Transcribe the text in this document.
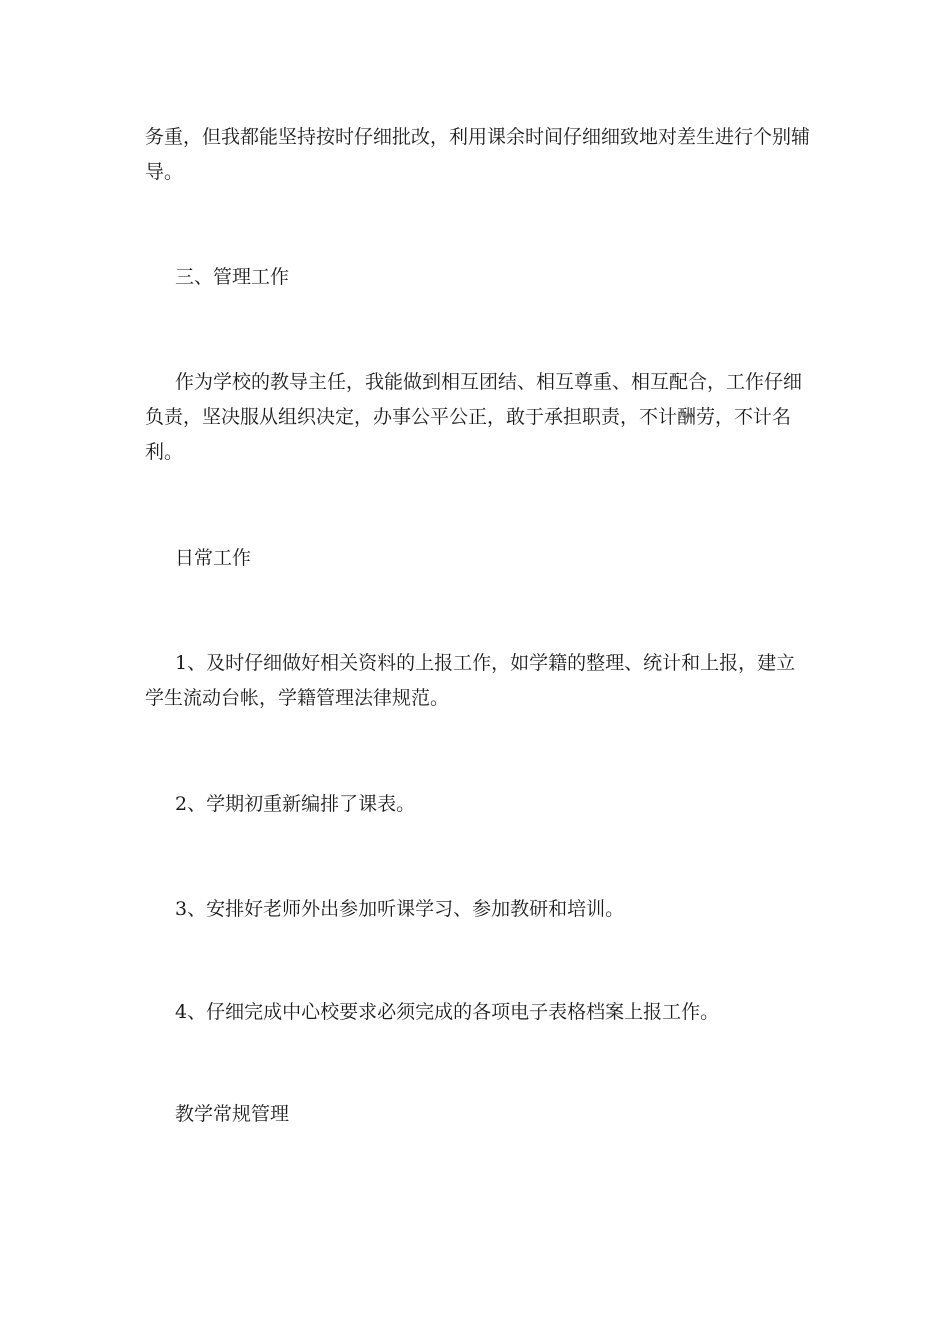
务重，但我都能坚持按时仔细批改，利用课余时间仔细细致地对差生进行个别辅导。

三、管理工作

作为学校的教导主任，我能做到相互团结、相互尊重、相互配合，工作仔细负责，坚决服从组织决定，办事公平公正，敢于承担职责，不计酬劳，不计名利。

日常工作

1、及时仔细做好相关资料的上报工作，如学籍的整理、统计和上报，建立学生流动台帐，学籍管理法律规范。

2、学期初重新编排了课表。

3、安排好老师外出参加听课学习、参加教研和培训。

4、仔细完成中心校要求必须完成的各项电子表格档案上报工作。

教学常规管理
